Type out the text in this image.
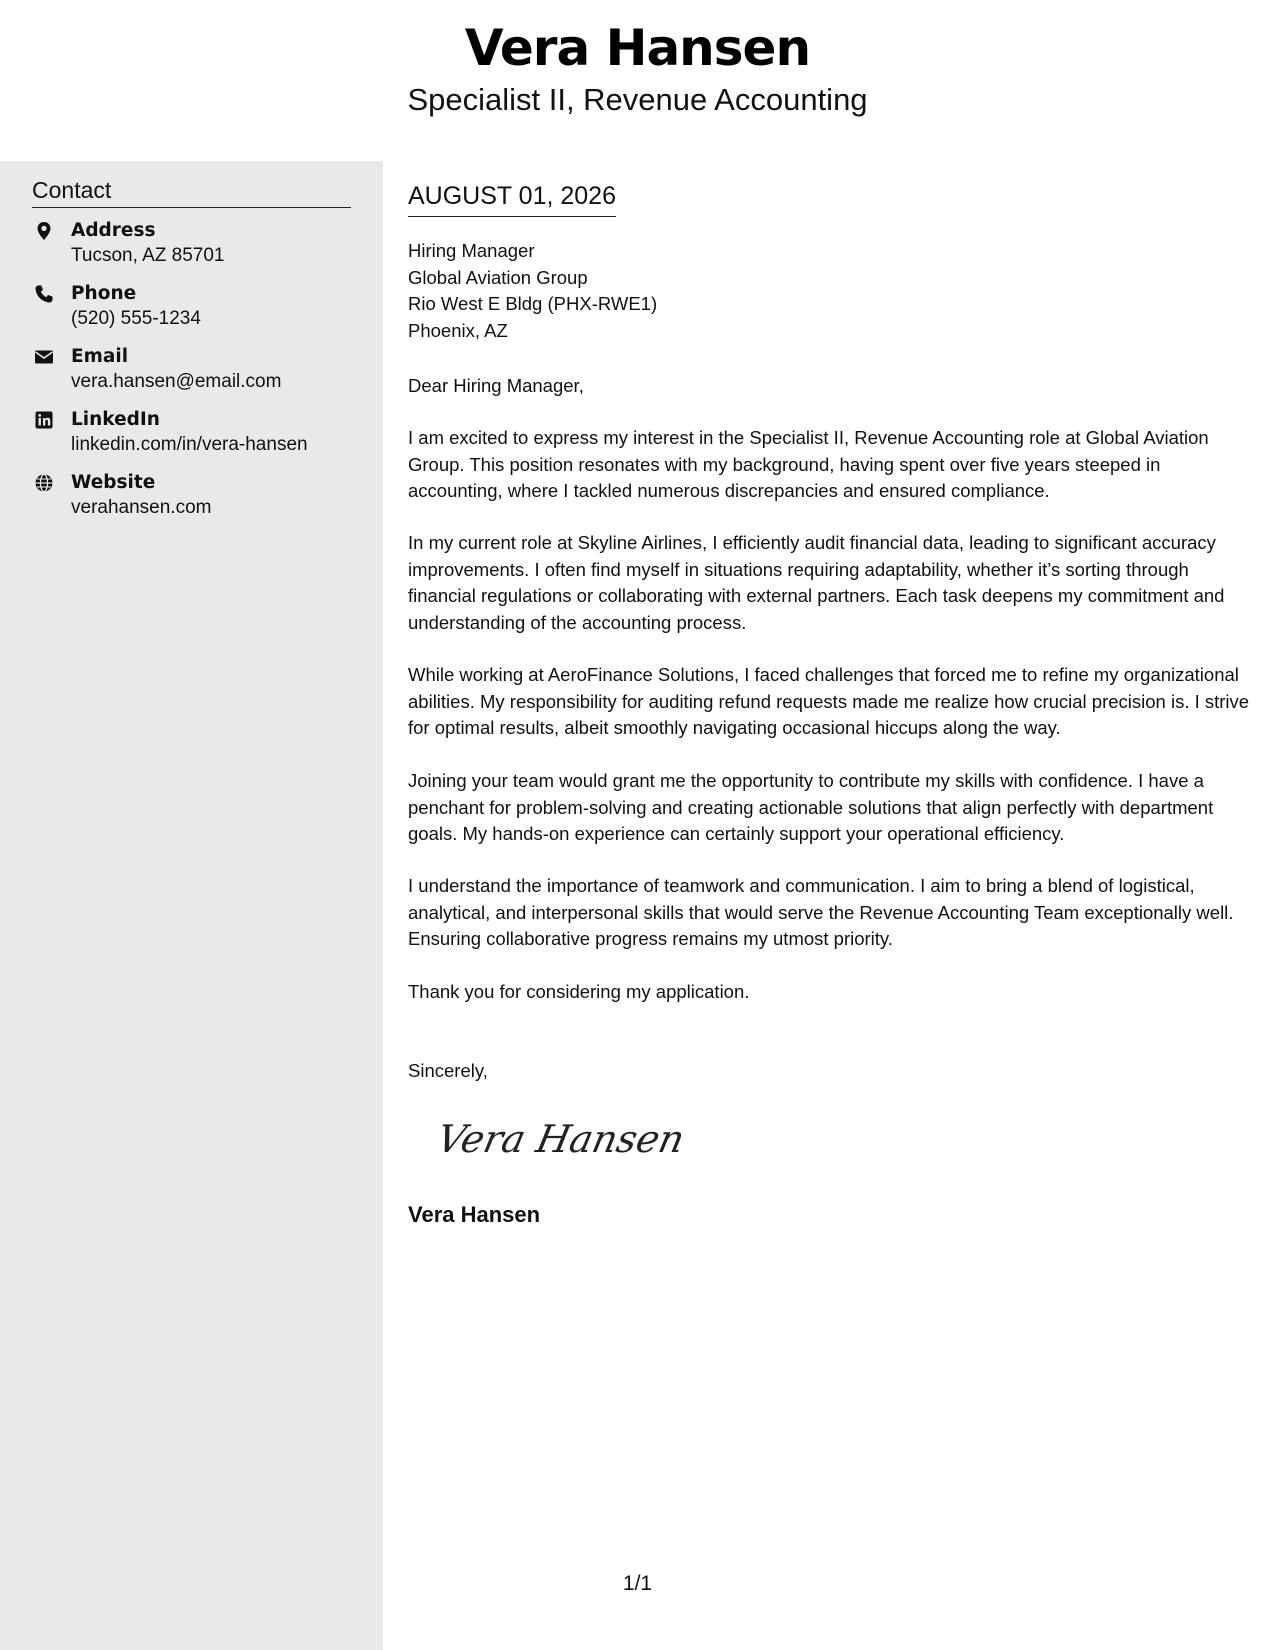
Vera Hansen
Specialist II, Revenue Accounting
Contact
Address
Tucson, AZ 85701
Phone
(520) 555-1234
Email
vera.hansen@email.com
LinkedIn
linkedin.com/in/vera-hansen
Website
verahansen.com
AUGUST 01, 2026
Hiring Manager
Global Aviation Group
Rio West E Bldg (PHX-RWE1)
Phoenix, AZ

Dear Hiring Manager,

I am excited to express my interest in the Specialist II, Revenue Accounting role at Global Aviation Group. This position resonates with my background, having spent over five years steeped in accounting, where I tackled numerous discrepancies and ensured compliance.

In my current role at Skyline Airlines, I efficiently audit financial data, leading to significant accuracy improvements. I often find myself in situations requiring adaptability, whether it’s sorting through financial regulations or collaborating with external partners. Each task deepens my commitment and understanding of the accounting process.

While working at AeroFinance Solutions, I faced challenges that forced me to refine my organizational abilities. My responsibility for auditing refund requests made me realize how crucial precision is. I strive for optimal results, albeit smoothly navigating occasional hiccups along the way.

Joining your team would grant me the opportunity to contribute my skills with confidence. I have a penchant for problem-solving and creating actionable solutions that align perfectly with department goals. My hands-on experience can certainly support your operational efficiency.

I understand the importance of teamwork and communication. I aim to bring a blend of logistical, analytical, and interpersonal skills that would serve the Revenue Accounting Team exceptionally well. Ensuring collaborative progress remains my utmost priority.

Thank you for considering my application.

Sincerely,

Vera Hansen
Vera Hansen
1/1
